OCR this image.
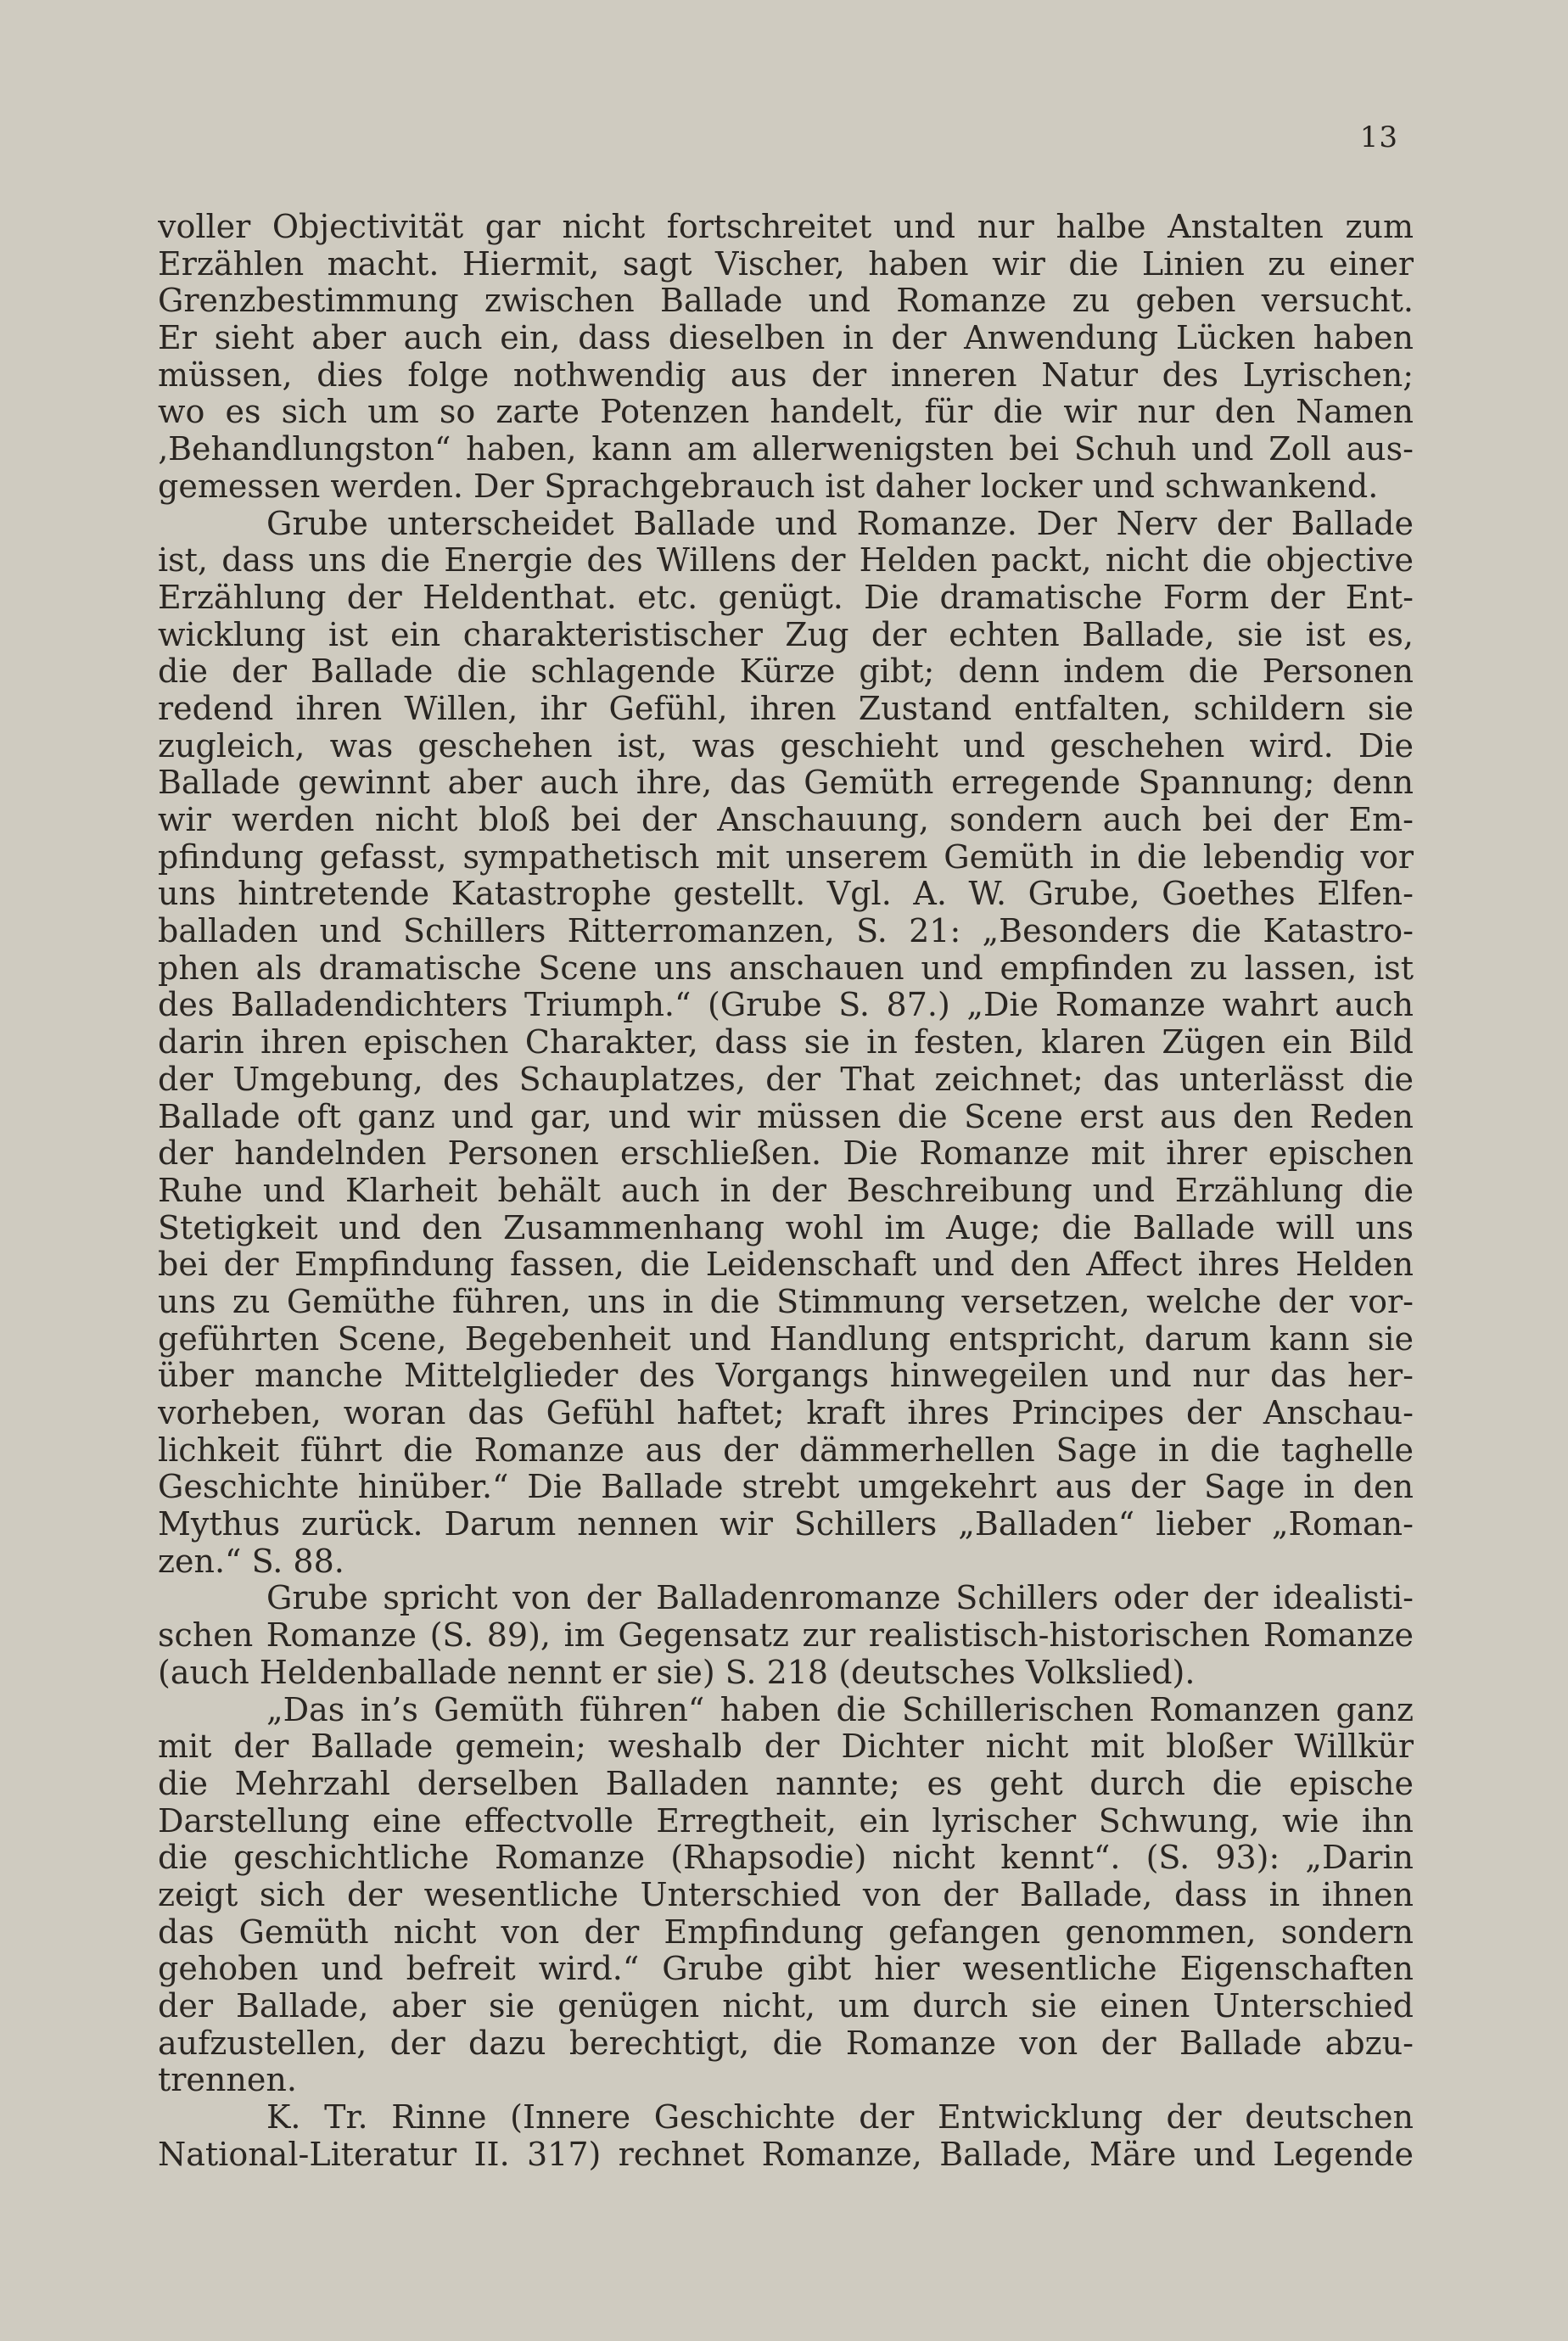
13
voller Objectivität gar nicht fortschreitet und nur halbe Anstalten zum
Erzählen macht. Hiermit, sagt Vischer, haben wir die Linien zu einer
Grenzbestimmung zwischen Ballade und Romanze zu geben versucht.
Er sieht aber auch ein, dass dieselben in der Anwendung Lücken haben
müssen, dies folge nothwendig aus der inneren Natur des Lyrischen;
wo es sich um so zarte Potenzen handelt, für die wir nur den Namen
‚Behandlungston“ haben, kann am allerwenigsten bei Schuh und Zoll aus-
gemessen werden. Der Sprachgebrauch ist daher locker und schwankend.
Grube unterscheidet Ballade und Romanze. Der Nerv der Ballade
ist, dass uns die Energie des Willens der Helden packt, nicht die objective
Erzählung der Heldenthat. etc. genügt. Die dramatische Form der Ent-
wicklung ist ein charakteristischer Zug der echten Ballade, sie ist es,
die der Ballade die schlagende Kürze gibt; denn indem die Personen
redend ihren Willen, ihr Gefühl, ihren Zustand entfalten, schildern sie
zugleich, was geschehen ist, was geschieht und geschehen wird. Die
Ballade gewinnt aber auch ihre, das Gemüth erregende Spannung; denn
wir werden nicht bloß bei der Anschauung, sondern auch bei der Em-
pfindung gefasst, sympathetisch mit unserem Gemüth in die lebendig vor
uns hintretende Katastrophe gestellt. Vgl. A. W. Grube, Goethes Elfen-
balladen und Schillers Ritterromanzen, S. 21: „Besonders die Katastro-
phen als dramatische Scene uns anschauen und empfinden zu lassen, ist
des Balladendichters Triumph.“ (Grube S. 87.) „Die Romanze wahrt auch
darin ihren epischen Charakter, dass sie in festen, klaren Zügen ein Bild
der Umgebung, des Schauplatzes, der That zeichnet; das unterlässt die
Ballade oft ganz und gar, und wir müssen die Scene erst aus den Reden
der handelnden Personen erschließen. Die Romanze mit ihrer epischen
Ruhe und Klarheit behält auch in der Beschreibung und Erzählung die
Stetigkeit und den Zusammenhang wohl im Auge; die Ballade will uns
bei der Empfindung fassen, die Leidenschaft und den Affect ihres Helden
uns zu Gemüthe führen, uns in die Stimmung versetzen, welche der vor-
geführten Scene, Begebenheit und Handlung entspricht, darum kann sie
über manche Mittelglieder des Vorgangs hinwegeilen und nur das her-
vorheben, woran das Gefühl haftet; kraft ihres Principes der Anschau-
lichkeit führt die Romanze aus der dämmerhellen Sage in die taghelle
Geschichte hinüber.“ Die Ballade strebt umgekehrt aus der Sage in den
Mythus zurück. Darum nennen wir Schillers „Balladen“ lieber „Roman-
zen.“ S. 88.
Grube spricht von der Balladenromanze Schillers oder der idealisti-
schen Romanze (S. 89), im Gegensatz zur realistisch-historischen Romanze
(auch Heldenballade nennt er sie) S. 218 (deutsches Volkslied).
„Das in’s Gemüth führen“ haben die Schillerischen Romanzen ganz
mit der Ballade gemein; weshalb der Dichter nicht mit bloßer Willkür
die Mehrzahl derselben Balladen nannte; es geht durch die epische
Darstellung eine effectvolle Erregtheit, ein lyrischer Schwung, wie ihn
die geschichtliche Romanze (Rhapsodie) nicht kennt“. (S. 93): „Darin
zeigt sich der wesentliche Unterschied von der Ballade, dass in ihnen
das Gemüth nicht von der Empfindung gefangen genommen, sondern
gehoben und befreit wird.“ Grube gibt hier wesentliche Eigenschaften
der Ballade, aber sie genügen nicht, um durch sie einen Unterschied
aufzustellen, der dazu berechtigt, die Romanze von der Ballade abzu-
trennen.
K. Tr. Rinne (Innere Geschichte der Entwicklung der deutschen
National-Literatur II. 317) rechnet Romanze, Ballade, Märe und Legende
